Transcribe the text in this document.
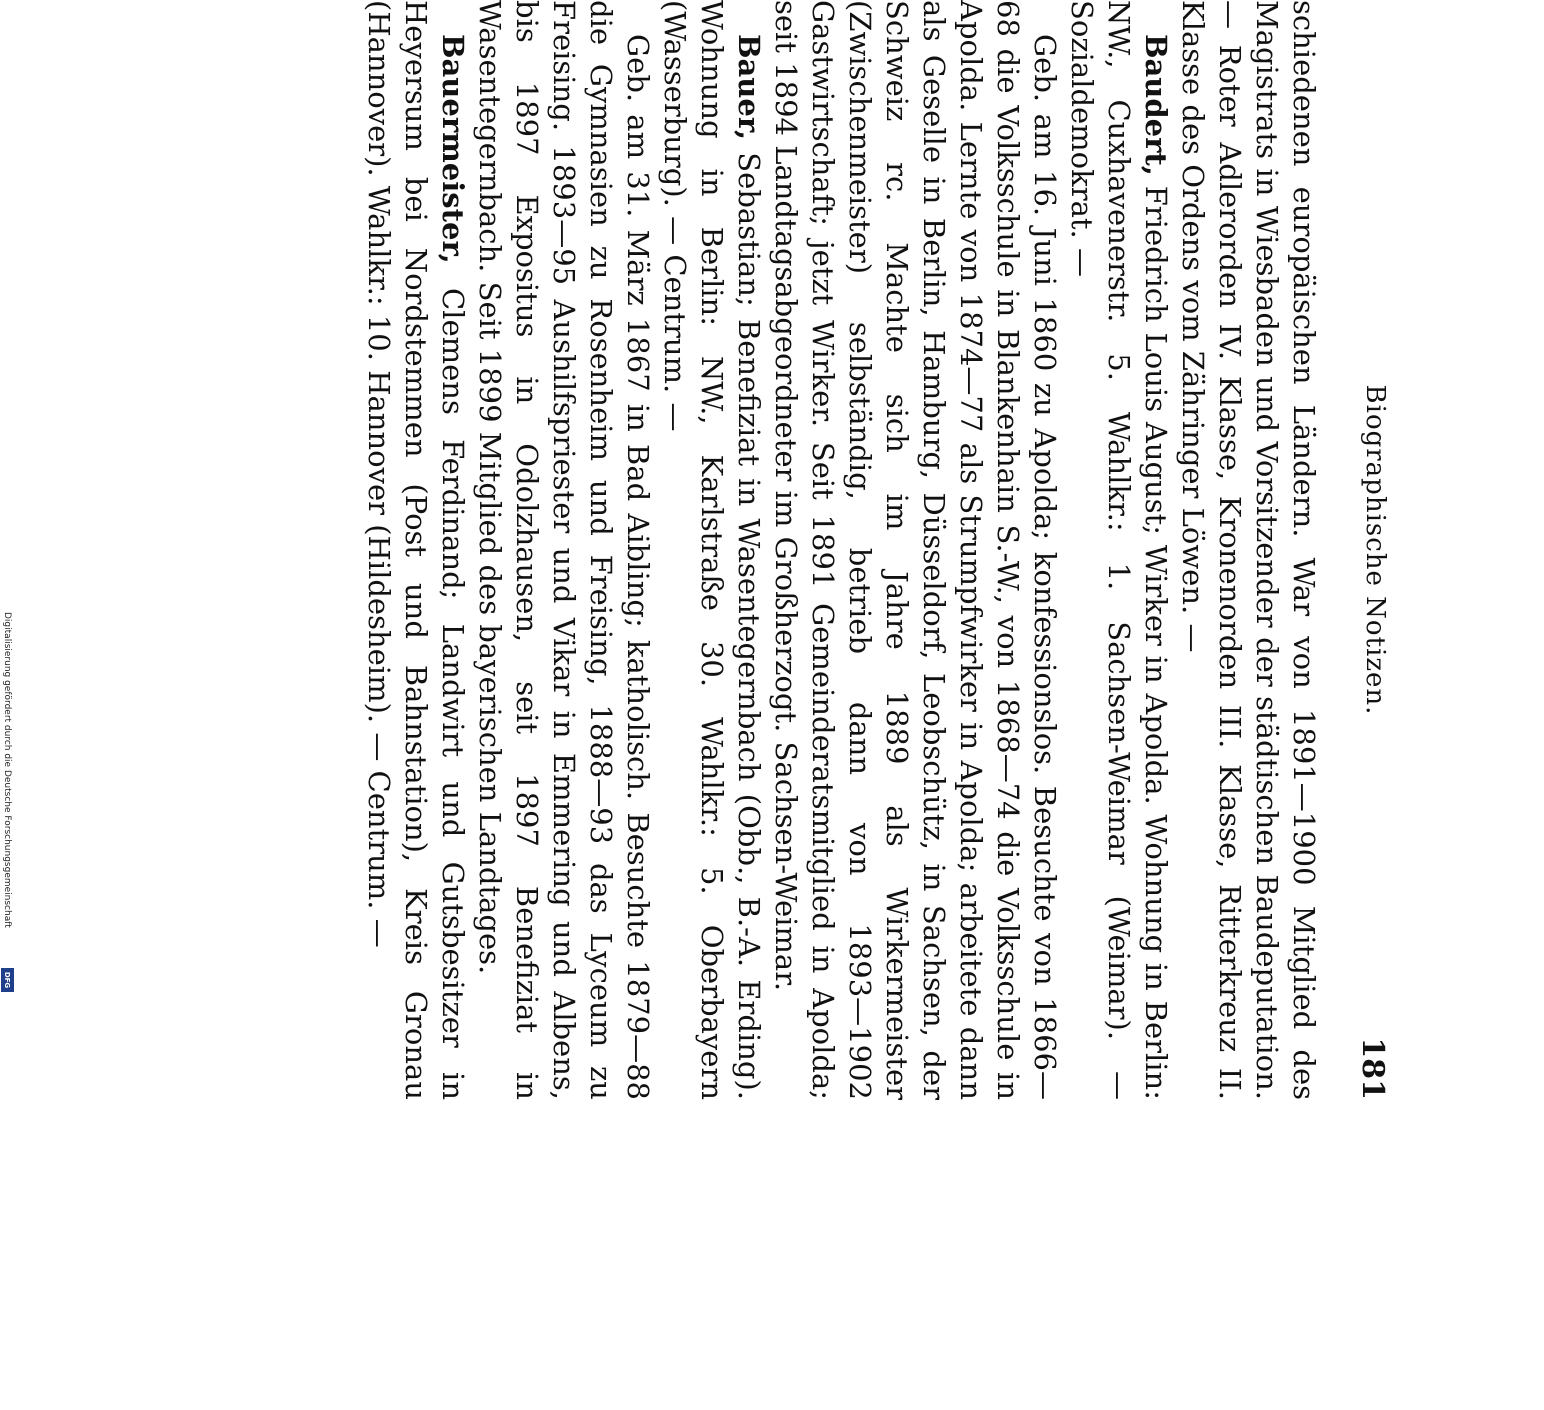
Biographische Notizen.
181

schiedenen europäischen Ländern. War von 1891—1900 Mitglied des Magistrats in Wiesbaden und Vorsitzender der städtischen Baudeputation. — Roter Adlerorden IV. Klasse, Kronenorden III. Klasse, Ritterkreuz II. Klasse des Ordens vom Zähringer Löwen. —

Baudert, Friedrich Louis August; Wirker in Apolda. Wohnung in Berlin: NW., Cuxhavenerstr. 5. Wahlkr.: 1. Sachsen-Weimar (Weimar). — Sozialdemokrat. —

Geb. am 16. Juni 1860 zu Apolda; konfessionslos. Besuchte von 1866—68 die Volksschule in Blankenhain S.-W., von 1868—74 die Volksschule in Apolda. Lernte von 1874—77 als Strumpfwirker in Apolda; arbeitete dann als Geselle in Berlin, Hamburg, Düsseldorf, Leobschütz, in Sachsen, der Schweiz rc. Machte sich im Jahre 1889 als Wirkermeister (Zwischenmeister) selbständig, betrieb dann von 1893—1902 Gastwirtschaft; jetzt Wirker. Seit 1891 Gemeinderatsmitglied in Apolda; seit 1894 Landtagsabgeordneter im Großherzogt. Sachsen-Weimar.

Bauer, Sebastian; Benefiziat in Wasentegernbach (Obb., B.-A. Erding). Wohnung in Berlin: NW., Karlstraße 30. Wahlkr.: 5. Oberbayern (Wasserburg). — Centrum. —

Geb. am 31. März 1867 in Bad Aibling; katholisch. Besuchte 1879—88 die Gymnasien zu Rosenheim und Freising, 1888—93 das Lyceum zu Freising. 1893—95 Aushilfspriester und Vikar in Emmering und Albens, bis 1897 Expositus in Odolzhausen, seit 1897 Benefiziat in Wasentegernbach. Seit 1899 Mitglied des bayerischen Landtages.

Bauermeister, Clemens Ferdinand; Landwirt und Gutsbesitzer in Heyersum bei Nordstemmen (Post und Bahnstation), Kreis Gronau (Hannover). Wahlkr.: 10. Hannover (Hildesheim). — Centrum. —

Digitalisierung gefördert durch die Deutsche Forschungsgemeinschaft
DFG
